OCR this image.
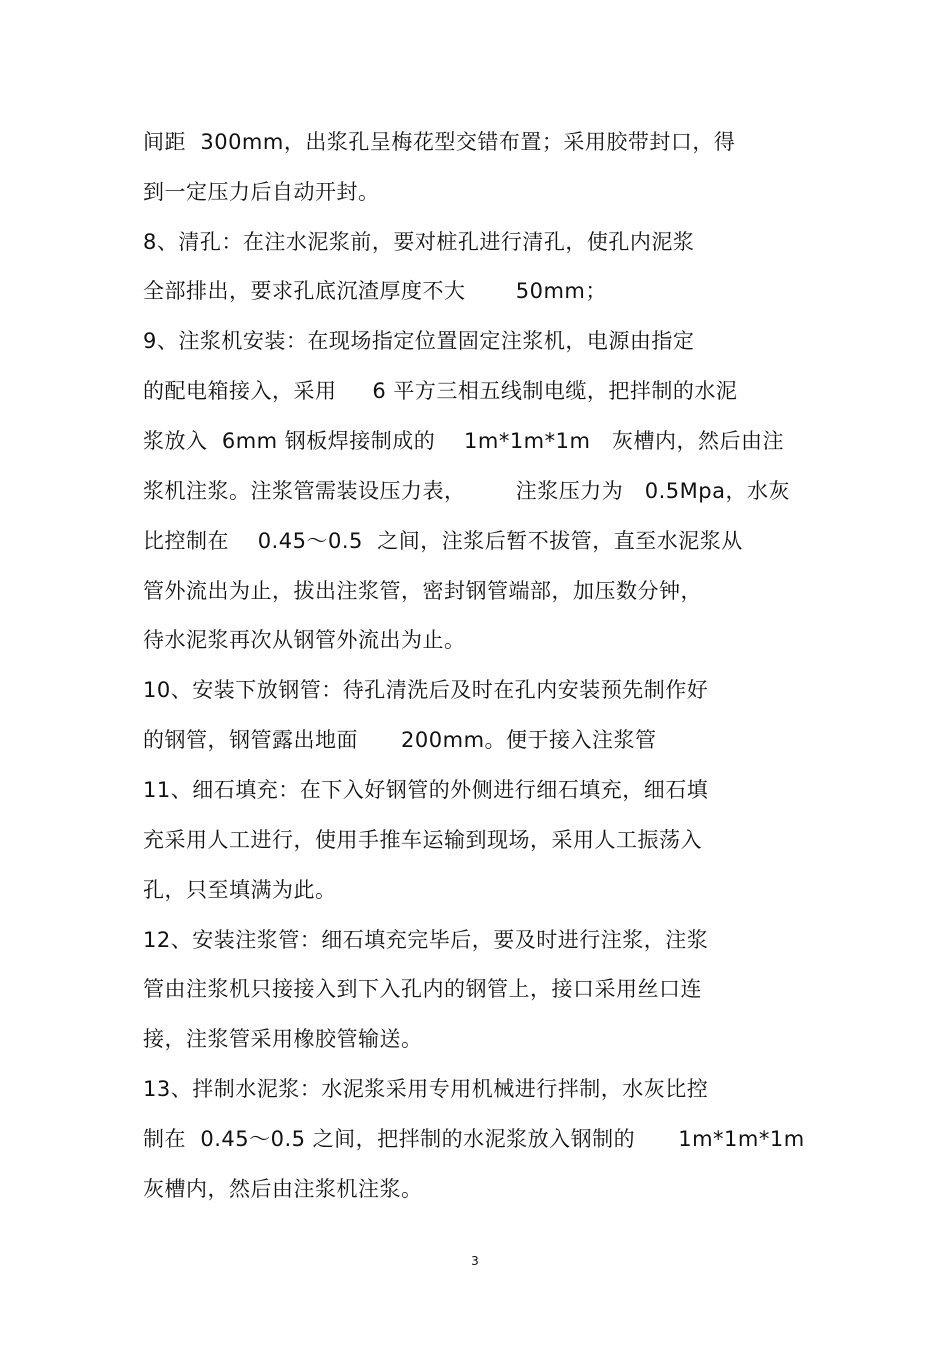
间距  300mm，出浆孔呈梅花型交错布置；采用胶带封口，得
到一定压力后自动开封。
8、清孔：在注水泥浆前，要对桩孔进行清孔，使孔内泥浆
全部排出，要求孔底沉渣厚度不大       50mm；
9、注浆机安装：在现场指定位置固定注浆机，电源由指定
的配电箱接入，采用     6 平方三相五线制电缆，把拌制的水泥
浆放入  6mm 钢板焊接制成的    1m*1m*1m   灰槽内，然后由注
浆机注浆。注浆管需装设压力表，       注浆压力为   0.5Mpa，水灰
比控制在    0.45～0.5  之间，注浆后暂不拔管，直至水泥浆从
管外流出为止，拔出注浆管，密封钢管端部，加压数分钟，
待水泥浆再次从钢管外流出为止。
10、安装下放钢管：待孔清洗后及时在孔内安装预先制作好
的钢管，钢管露出地面      200mm。便于接入注浆管
11、细石填充：在下入好钢管的外侧进行细石填充，细石填
充采用人工进行，使用手推车运输到现场，采用人工振荡入
孔，只至填满为此。
12、安装注浆管：细石填充完毕后，要及时进行注浆，注浆
管由注浆机只接接入到下入孔内的钢管上，接口采用丝口连
接，注浆管采用橡胶管输送。
13、拌制水泥浆：水泥浆采用专用机械进行拌制，水灰比控
制在  0.45～0.5 之间，把拌制的水泥浆放入钢制的      1m*1m*1m
灰槽内，然后由注浆机注浆。
3
